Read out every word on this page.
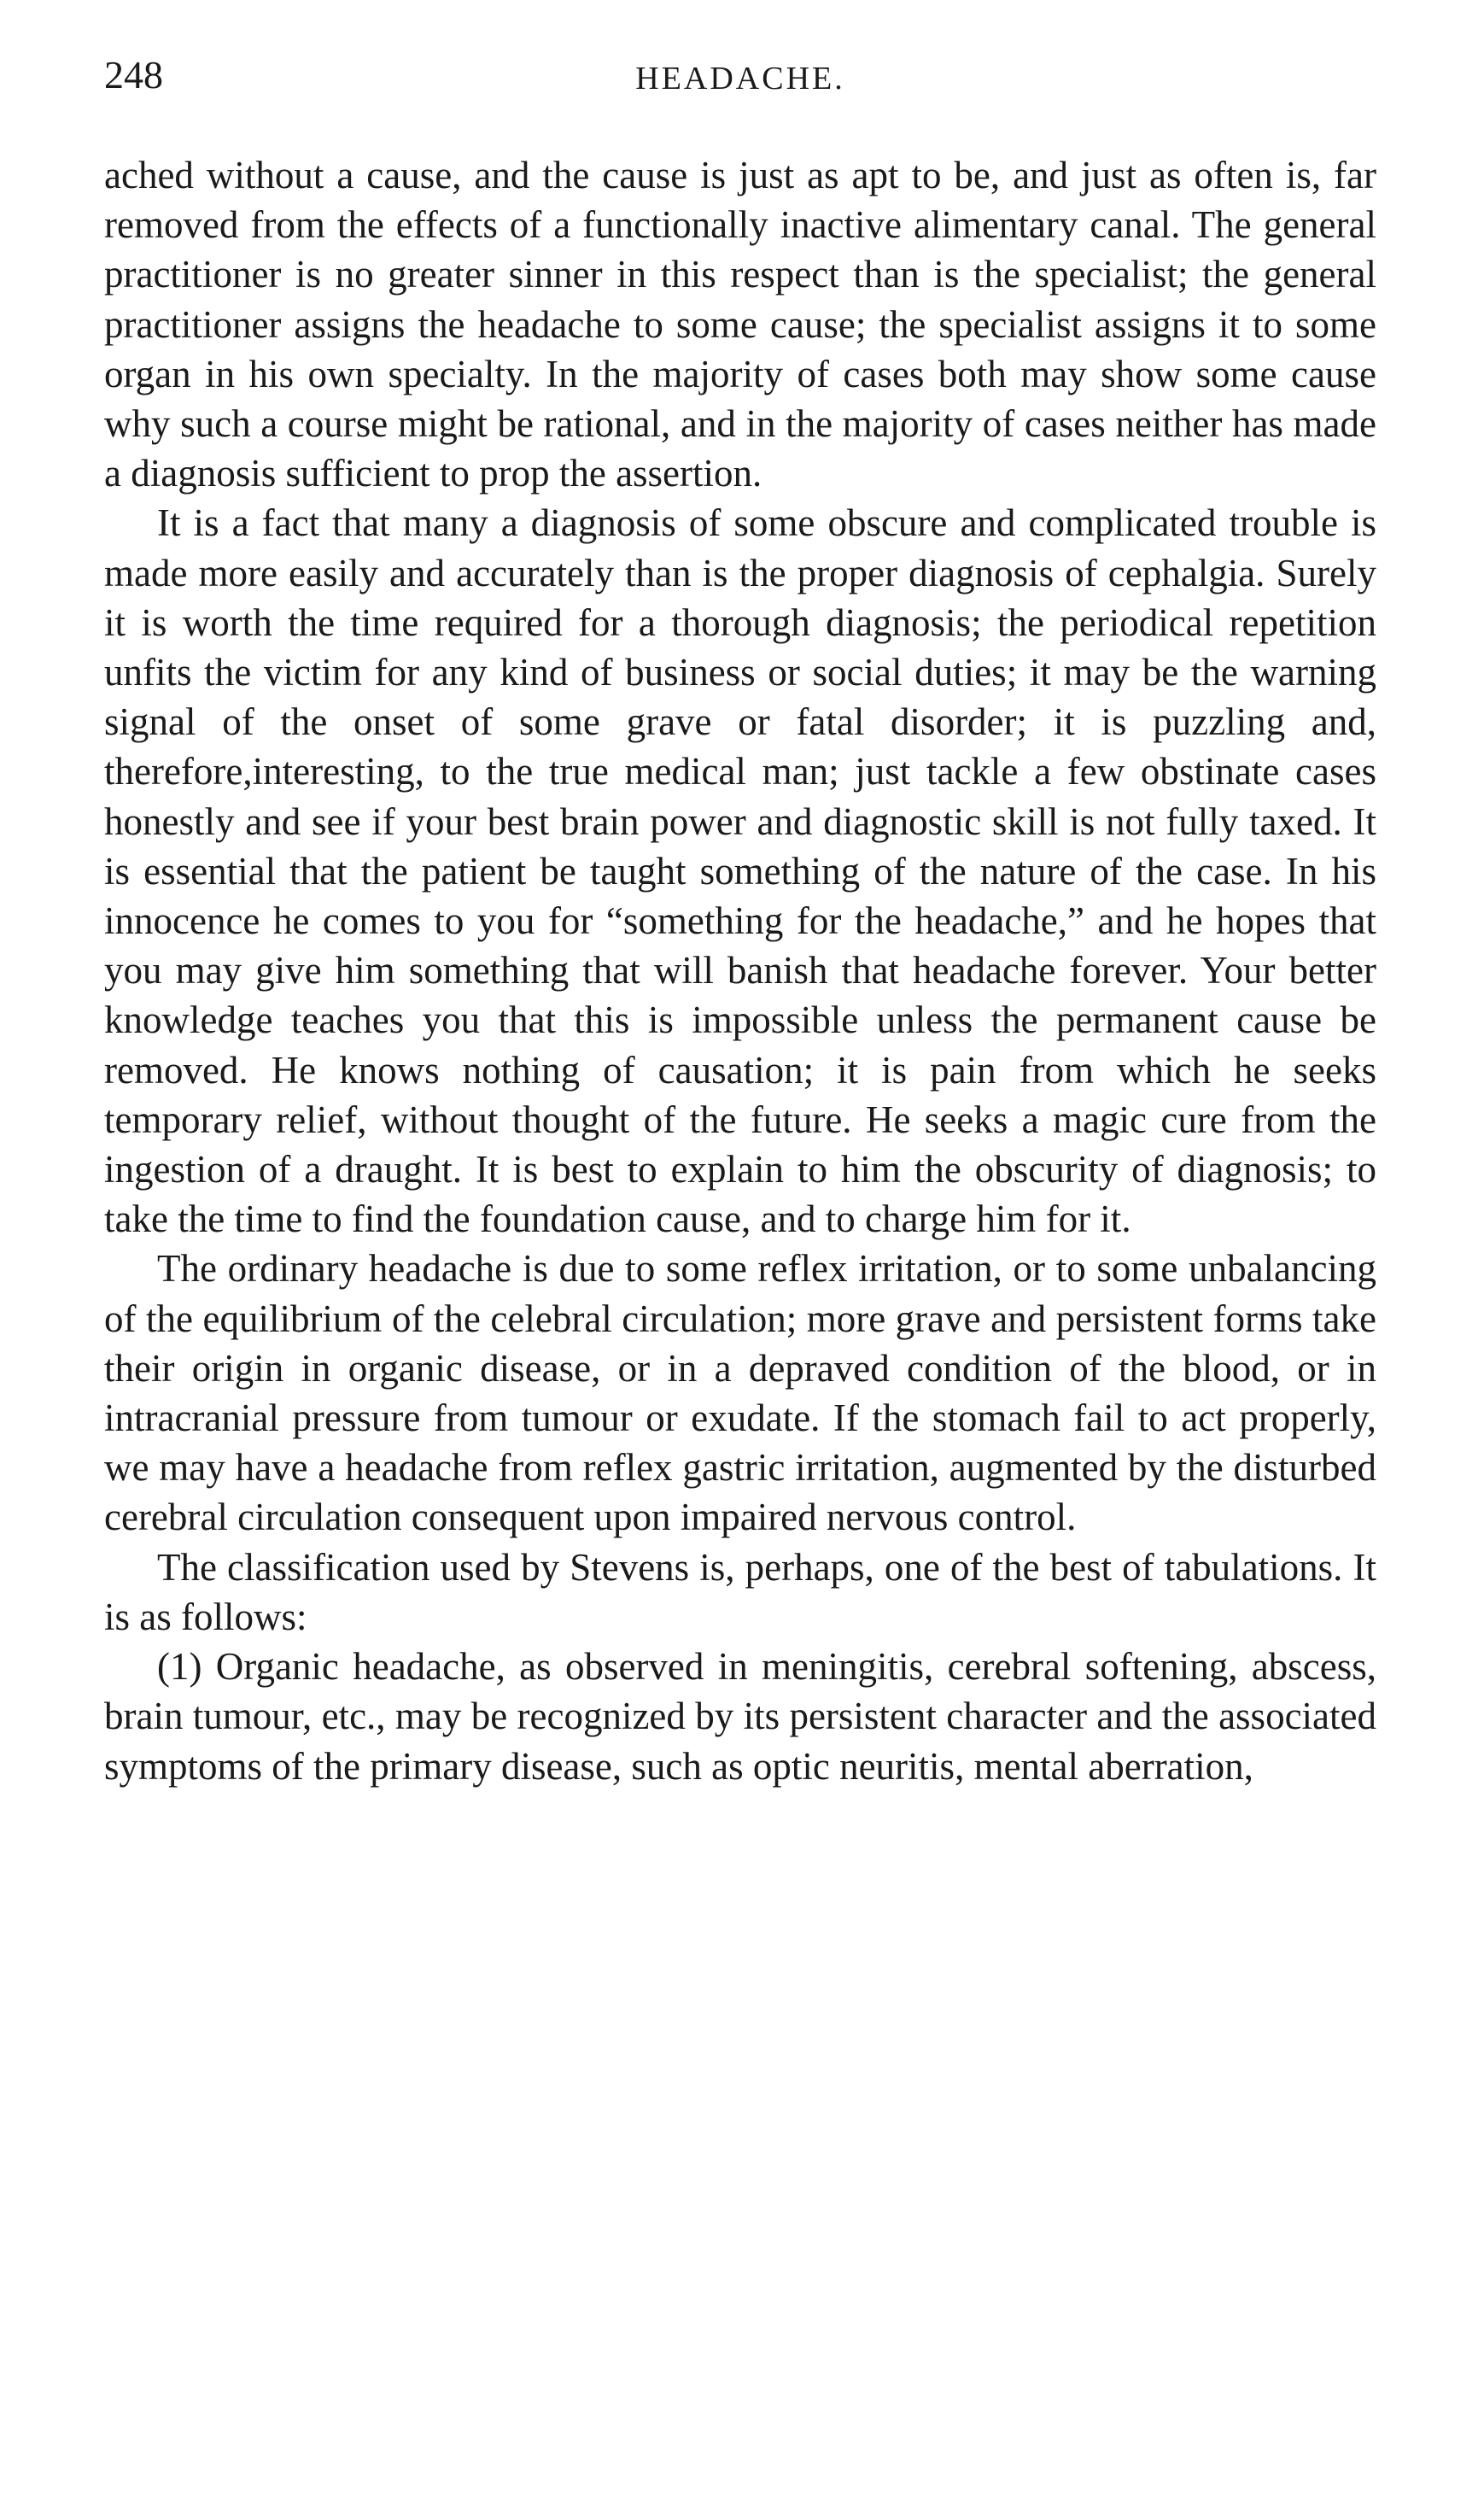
248	HEADACHE.

ached without a cause, and the cause is just as apt to be, and just as often is, far removed from the effects of a functionally inactive alimentary canal. The general practitioner is no greater sinner in this respect than is the specialist; the general practitioner assigns the headache to some cause; the specialist assigns it to some organ in his own specialty. In the majority of cases both may show some cause why such a course might be rational, and in the majority of cases neither has made a diagnosis sufficient to prop the assertion.

It is a fact that many a diagnosis of some obscure and complicated trouble is made more easily and accurately than is the proper diagnosis of cephalgia. Surely it is worth the time required for a thorough diagnosis; the periodical repetition unfits the victim for any kind of business or social duties; it may be the warning signal of the onset of some grave or fatal disorder; it is puzzling and, therefore,interesting, to the true medical man; just tackle a few obstinate cases honestly and see if your best brain power and diagnostic skill is not fully taxed. It is essential that the patient be taught something of the nature of the case. In his innocence he comes to you for “something for the headache,” and he hopes that you may give him something that will banish that headache forever. Your better knowledge teaches you that this is impossible unless the permanent cause be removed. He knows nothing of causation; it is pain from which he seeks temporary relief, without thought of the future. He seeks a magic cure from the ingestion of a draught. It is best to explain to him the obscurity of diagnosis; to take the time to find the foundation cause, and to charge him for it.

The ordinary headache is due to some reflex irritation, or to some unbalancing of the equilibrium of the celebral circulation; more grave and persistent forms take their origin in organic disease, or in a depraved condition of the blood, or in intracranial pressure from tumour or exudate. If the stomach fail to act properly, we may have a headache from reflex gastric irritation, augmented by the disturbed cerebral circulation consequent upon impaired nervous control.

The classification used by Stevens is, perhaps, one of the best of tabulations. It is as follows:

(1) Organic headache, as observed in meningitis, cerebral softening, abscess, brain tumour, etc., may be recognized by its persistent character and the associated symptoms of the primary disease, such as optic neuritis, mental aberration,
